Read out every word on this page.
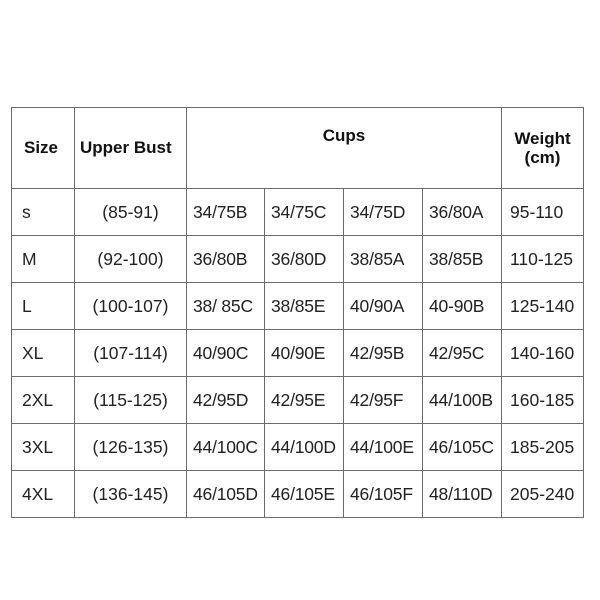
Size	Upper Bust	Cups				Weight
(cm)

s	(85-91)	34/75B	34/75C	34/75D	36/80A	95-110
M	(92-100)	36/80B	36/80D	38/85A	38/85B	110-125
L	(100-107)	38/ 85C	38/85E	40/90A	40-90B	125-140
XL	(107-114)	40/90C	40/90E	42/95B	42/95C	140-160
2XL	(115-125)	42/95D	42/95E	42/95F	44/100B	160-185
3XL	(126-135)	44/100C	44/100D	44/100E	46/105C	185-205
4XL	(136-145)	46/105D	46/105E	46/105F	48/110D	205-240
